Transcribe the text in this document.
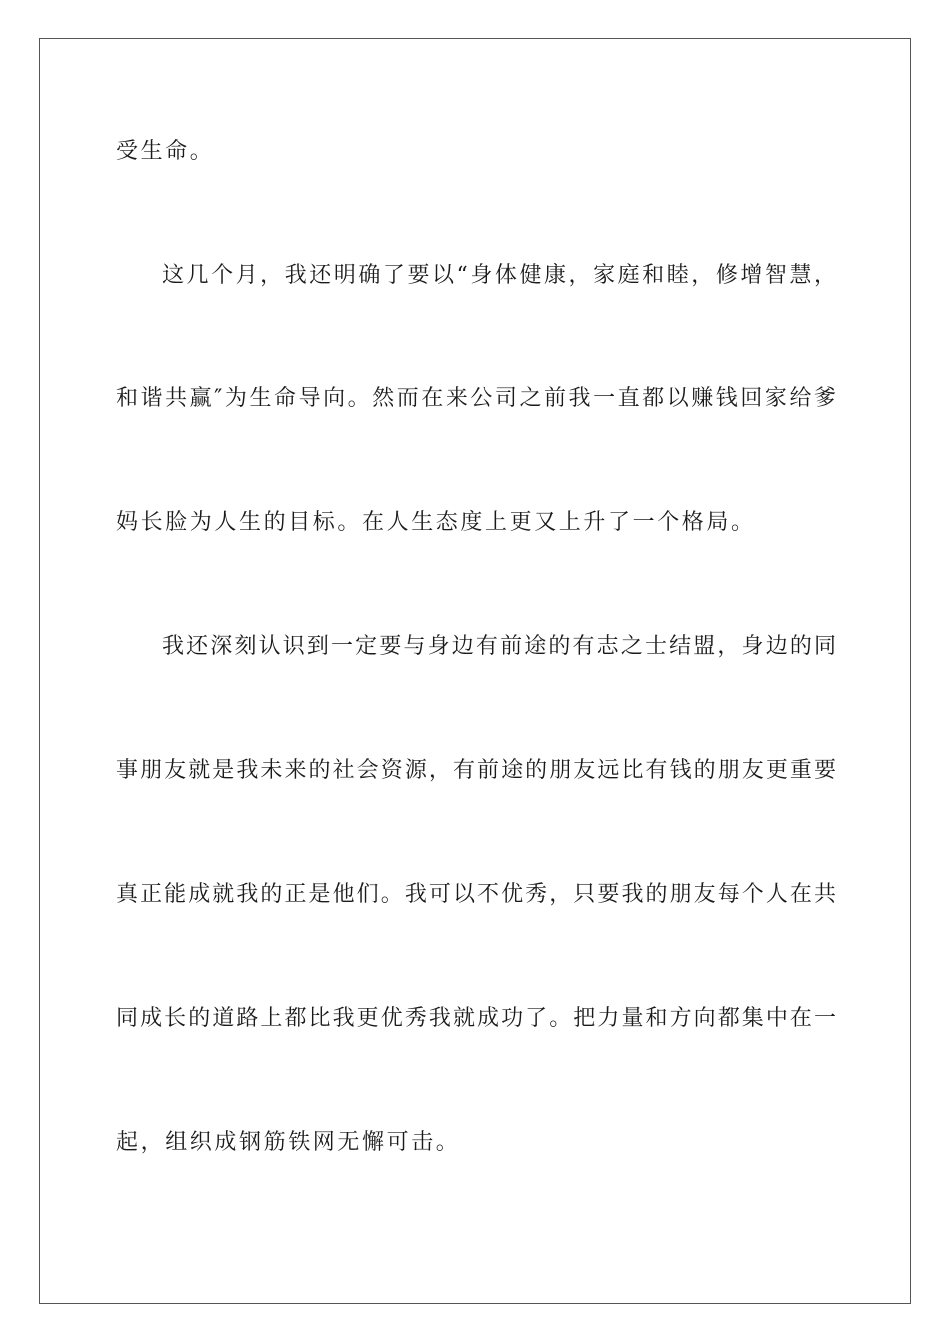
受生命。

这几个月，我还明确了要以“身体健康，家庭和睦，修增智慧，

和谐共赢″为生命导向。然而在来公司之前我一直都以赚钱回家给爹

妈长脸为人生的目标。在人生态度上更又上升了一个格局。

我还深刻认识到一定要与身边有前途的有志之士结盟，身边的同

事朋友就是我未来的社会资源，有前途的朋友远比有钱的朋友更重要

真正能成就我的正是他们。我可以不优秀，只要我的朋友每个人在共

同成长的道路上都比我更优秀我就成功了。把力量和方向都集中在一

起，组织成钢筋铁网无懈可击。
